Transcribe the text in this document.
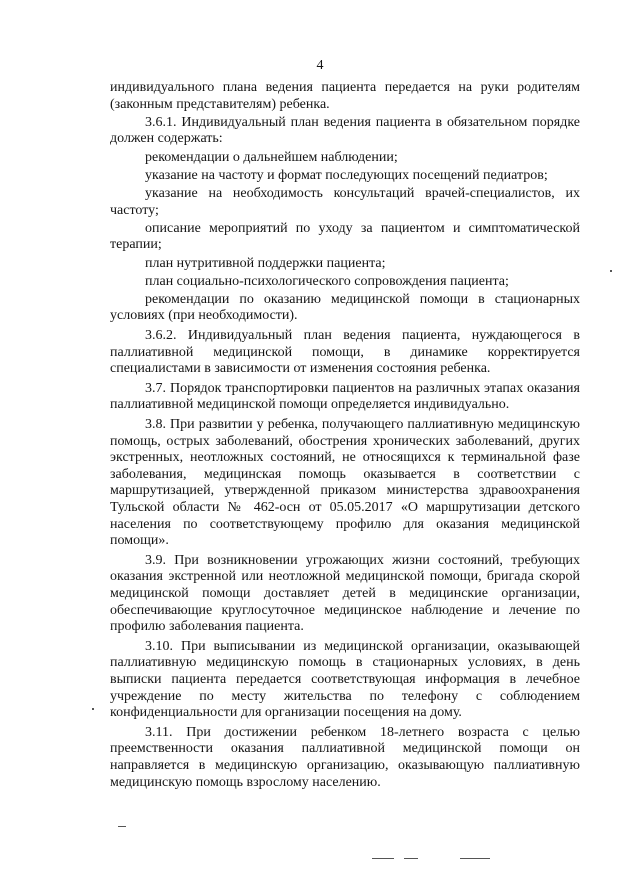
4

индивидуального плана ведения пациента передается на руки родителям (законным представителям) ребенка.

3.6.1. Индивидуальный план ведения пациента в обязательном порядке должен содержать:

рекомендации о дальнейшем наблюдении;

указание на частоту и формат последующих посещений педиатров;

указание на необходимость консультаций врачей-специалистов, их частоту;

описание мероприятий по уходу за пациентом и симптоматической терапии;

план нутритивной поддержки пациента;

план социально-психологического сопровождения пациента;

рекомендации по оказанию медицинской помощи в стационарных условиях (при необходимости).

3.6.2. Индивидуальный план ведения пациента, нуждающегося в паллиативной медицинской помощи, в динамике корректируется специалистами в зависимости от изменения состояния ребенка.

3.7. Порядок транспортировки пациентов на различных этапах оказания паллиативной медицинской помощи определяется индивидуально.

3.8. При развитии у ребенка, получающего паллиативную медицинскую помощь, острых заболеваний, обострения хронических заболеваний, других экстренных, неотложных состояний, не относящихся к терминальной фазе заболевания, медицинская помощь оказывается в соответствии с маршрутизацией, утвержденной приказом министерства здравоохранения Тульской области № 462-осн от 05.05.2017 «О маршрутизации детского населения по соответствующему профилю для оказания медицинской помощи».

3.9. При возникновении угрожающих жизни состояний, требующих оказания экстренной или неотложной медицинской помощи, бригада скорой медицинской помощи доставляет детей в медицинские организации, обеспечивающие круглосуточное медицинское наблюдение и лечение по профилю заболевания пациента.

3.10. При выписывании из медицинской организации, оказывающей паллиативную медицинскую помощь в стационарных условиях, в день выписки пациента передается соответствующая информация в лечебное учреждение по месту жительства по телефону с соблюдением конфиденциальности для организации посещения на дому.

3.11. При достижении ребенком 18-летнего возраста с целью преемственности оказания паллиативной медицинской помощи он направляется в медицинскую организацию, оказывающую паллиативную медицинскую помощь взрослому населению.
